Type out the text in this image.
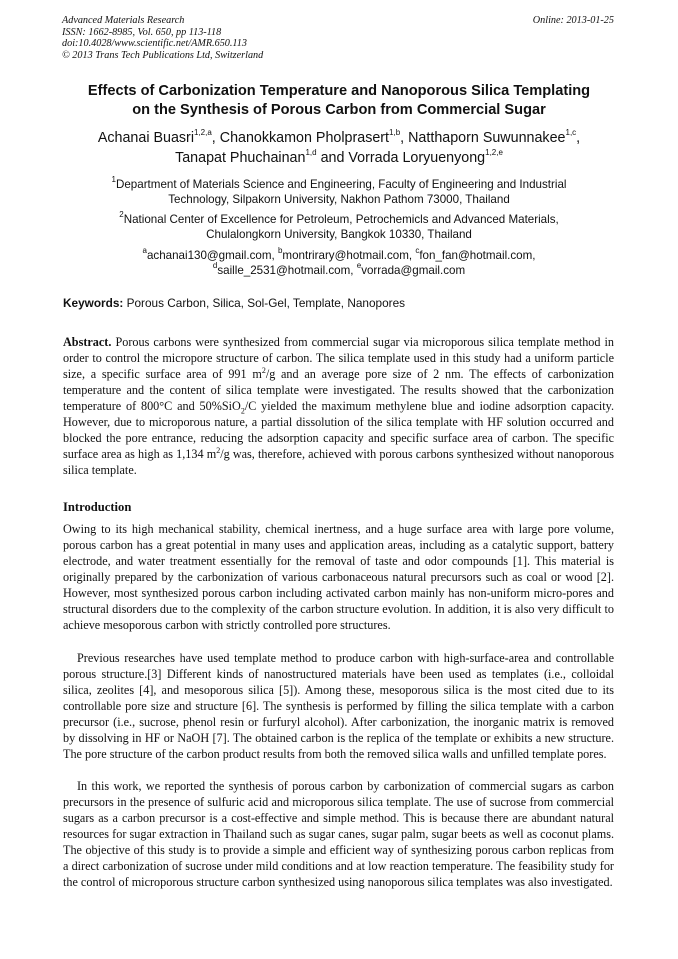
Advanced Materials Research
ISSN: 1662-8985, Vol. 650, pp 113-118
doi:10.4028/www.scientific.net/AMR.650.113
© 2013 Trans Tech Publications Ltd, Switzerland
Online: 2013-01-25
Effects of Carbonization Temperature and Nanoporous Silica Templating
on the Synthesis of Porous Carbon from Commercial Sugar
Achanai Buasri$^{1,2,a}$, Chanokkamon Pholprasert$^{1,b}$, Natthaporn Suwunnakee$^{1,c}$,
Tanapat Phuchainan$^{1,d}$ and Vorrada Loryuenyong$^{1,2,e}$
$^1$Department of Materials Science and Engineering, Faculty of Engineering and Industrial
Technology, Silpakorn University, Nakhon Pathom 73000, Thailand
$^2$National Center of Excellence for Petroleum, Petrochemicls and Advanced Materials,
Chulalongkorn University, Bangkok 10330, Thailand
$^a$achanai130@gmail.com, $^b$montrirary@hotmail.com, $^c$fon_fan@hotmail.com,
$^d$saille_2531@hotmail.com, $^e$vorrada@gmail.com
Keywords: Porous Carbon, Silica, Sol-Gel, Template, Nanopores
Abstract. Porous carbons were synthesized from commercial sugar via microporous silica template method in order to control the micropore structure of carbon. The silica template used in this study had a uniform particle size, a specific surface area of 991 $m^2/g$ and an average pore size of 2 nm. The effects of carbonization temperature and the content of silica template were investigated. The results showed that the carbonization temperature of 800°C and 50%SiO$_2$/C yielded the maximum methylene blue and iodine adsorption capacity. However, due to microporous nature, a partial dissolution of the silica template with HF solution occurred and blocked the pore entrance, reducing the adsorption capacity and specific surface area of carbon. The specific surface area as high as 1,134 $m^2/g$ was, therefore, achieved with porous carbons synthesized without nanoporous silica template.
Introduction
Owing to its high mechanical stability, chemical inertness, and a huge surface area with large pore volume, porous carbon has a great potential in many uses and application areas, including as a catalytic support, battery electrode, and water treatment essentially for the removal of taste and odor compounds [1]. This material is originally prepared by the carbonization of various carbonaceous natural precursors such as coal or wood [2]. However, most synthesized porous carbon including activated carbon mainly has non-uniform micro-pores and structural disorders due to the complexity of the carbon structure evolution. In addition, it is also very difficult to achieve mesoporous carbon with strictly controlled pore structures.
Previous researches have used template method to produce carbon with high-surface-area and controllable porous structure.[3] Different kinds of nanostructured materials have been used as templates (i.e., colloidal silica, zeolites [4], and mesoporous silica [5]). Among these, mesoporous silica is the most cited due to its controllable pore size and structure [6]. The synthesis is performed by filling the silica template with a carbon precursor (i.e., sucrose, phenol resin or furfuryl alcohol). After carbonization, the inorganic matrix is removed by dissolving in HF or NaOH [7]. The obtained carbon is the replica of the template or exhibits a new structure. The pore structure of the carbon product results from both the removed silica walls and unfilled template pores.
In this work, we reported the synthesis of porous carbon by carbonization of commercial sugars as carbon precursors in the presence of sulfuric acid and microporous silica template. The use of sucrose from commercial sugars as a carbon precursor is a cost-effective and simple method. This is because there are abundant natural resources for sugar extraction in Thailand such as sugar canes, sugar palm, sugar beets as well as coconut plams. The objective of this study is to provide a simple and efficient way of synthesizing porous carbon replicas from a direct carbonization of sucrose under mild conditions and at low reaction temperature. The feasibility study for the control of microporous structure carbon synthesized using nanoporous silica templates was also investigated.
